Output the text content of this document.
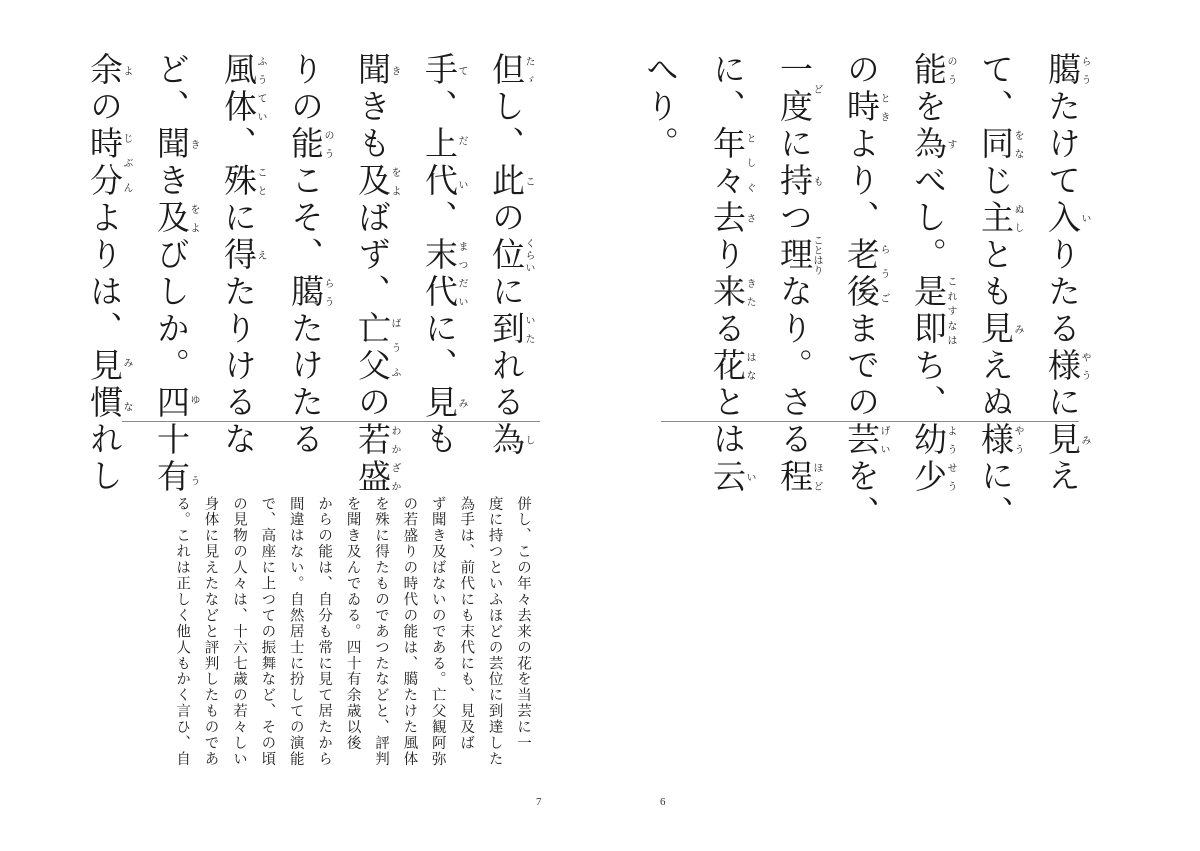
但たゞし、此この位くらいに到いたれる為し
手て、上代だい、末代まつだいに、見みも
聞ききも及をよばず、亡父ばうふの若盛わかざか
りの能のうこそ、臈らうたけたる
風体ふうてい、殊ことに得えたりけるな
ど、聞きき及をよびしか。四十有ゆう
余よの時分じぶんよりは、見慣みなれし
併し、この年々去来の花を当芸に一
度に持つといふほどの芸位に到達した
為手は、前代にも末代にも、見及ば
ず聞き及ばないのである。亡父観阿弥
の若盛りの時代の能は、臈たけた風体
を殊に得たものであつたなどと、評判
を聞き及んでゐる。四十有余歳以後
からの能は、自分も常に見て居たから
間違はない。自然居士に扮しての演能
で、高座に上つての振舞など、その頃
の見物の人々は、十六七歳の若々しい
身体に見えたなどと評判したものであ
る。これは正しく他人もかく言ひ、自
7
臈らうたけて入いりたる様やうに見みえ
て、同をなじ主ぬしとも見みえぬ様やうに、
能のうを為すべし。是即これすなはち、幼少ようせう
の時ときより、老後らうごまでの芸げいを、
一度どに持もつ理ことはりなり。さる程ほど
に、年々としぐ去さり来きたる花はなとは云い
へり。
6
